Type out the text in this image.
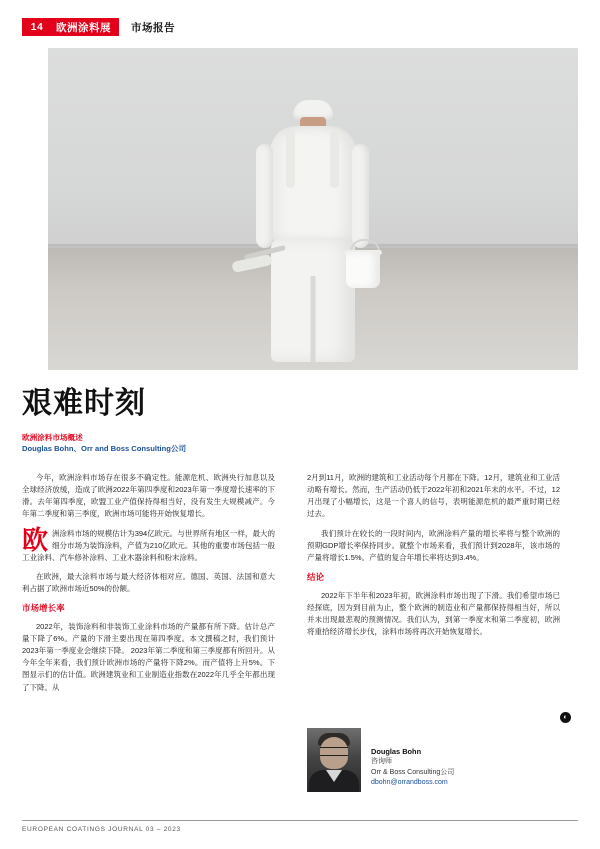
14	欧洲涂料展	市场报告
艰难时刻
欧洲涂料市场概述
Douglas Bohn、Orr and Boss Consulting公司

今年，欧洲涂料市场存在很多不确定性。能源危机、欧洲央行加息以及全球经济放缓，造成了欧洲2022年第四季度和2023年第一季度增长速率的下滑。去年第四季度，欧盟工业产值保持得相当好，没有发生大规模减产。今年第二季度和第三季度，欧洲市场可能将开始恢复增长。

欧 洲涂料市场的规模估计为394亿欧元。与世界所有地区一样，最大的细分市场为装饰涂料，产值为210亿欧元。其他的重要市场包括一般工业涂料、汽车修补涂料、工业木器涂料和粉末涂料。

在欧洲，最大涂料市场与最大经济体相对应。德国、英国、法国和意大利占据了欧洲市场近50%的份额。

市场增长率

2022年，装饰涂料和非装饰工业涂料市场的产量都有所下降。估计总产量下降了6%。产量的下滑主要出现在第四季度。本文撰稿之时，我们预计2023年第一季度业会继续下降。 2023年第二季度和第三季度都有所回升。从今年全年来看，我们预计欧洲市场的产量将下降2%。而产值将上升5%。下图显示们的估计值。欧洲建筑业和工业制造业指数在2022年几乎全年都出现了下降。从

2月到11月，欧洲的建筑和工业活动每个月都在下降。12月，建筑业和工业活动略有增长。然而，生产活动仍低于2022年初和2021年末的水平。不过，12月出现了小幅增长，这是一个喜人的信号，表明能源危机的最严重时期已经过去。

我们预计在较长的一段时间内，欧洲涂料产量的增长率将与整个欧洲的预期GDP增长率保持同步。就整个市场来看，我们预计到2028年，该市场的产量将增长1.5%。产值的复合年增长率将达到3.4%。

结论

2022年下半年和2023年初，欧洲涂料市场出现了下滑。我们希望市场已经探底，因为到目前为止，整个欧洲的制造业和产量都保持得相当好，所以并未出现最悲观的预测情况。我们认为，到第一季度末和第二季度初，欧洲将重拾经济增长步伐，涂料市场将再次开始恢复增长。

◐
Douglas Bohn
咨询师
Orr & Boss Consulting公司
dbohn@orrandboss.com
EUROPEAN COATINGS JOURNAL 03 – 2023
